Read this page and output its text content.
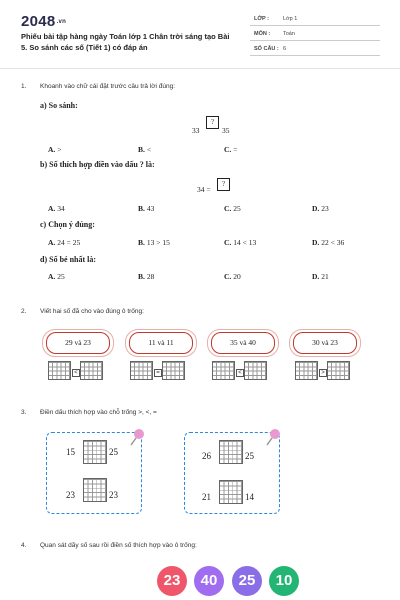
2048.vn
Phiếu bài tập hàng ngày Toán lớp 1 Chân trời sáng tạo Bài 5. So sánh các số (Tiết 1) có đáp án
LỚP :	Lớp 1
MÔN : Toán
SỐ CÂU : 6
1. Khoanh vào chữ cái đặt trước câu trả lời đúng:
a) So sánh:
33
?
35
A. >	B. <	C. =
b) Số thích hợp điền vào dấu ? là:
34 =
?
A. 34	B. 43	C. 25	D. 23
c) Chọn ý đúng:
A. 24 = 25	B. 13 > 15	C. 14 < 13	D. 22 < 36
d) Số bé nhất là:
A. 25	B. 28	C. 20	D. 21
2. Viết hai số đã cho vào đúng ô trống:
29 và 23
<
11 và 11
=
35 và 40
<
30 và 23
>
3. Điền dấu thích hợp vào chỗ trống >, <, =
15	25
23	23
26	25
21	14
4. Quan sát dãy số sau rồi điền số thích hợp vào ô trống:
23	40	25	10
